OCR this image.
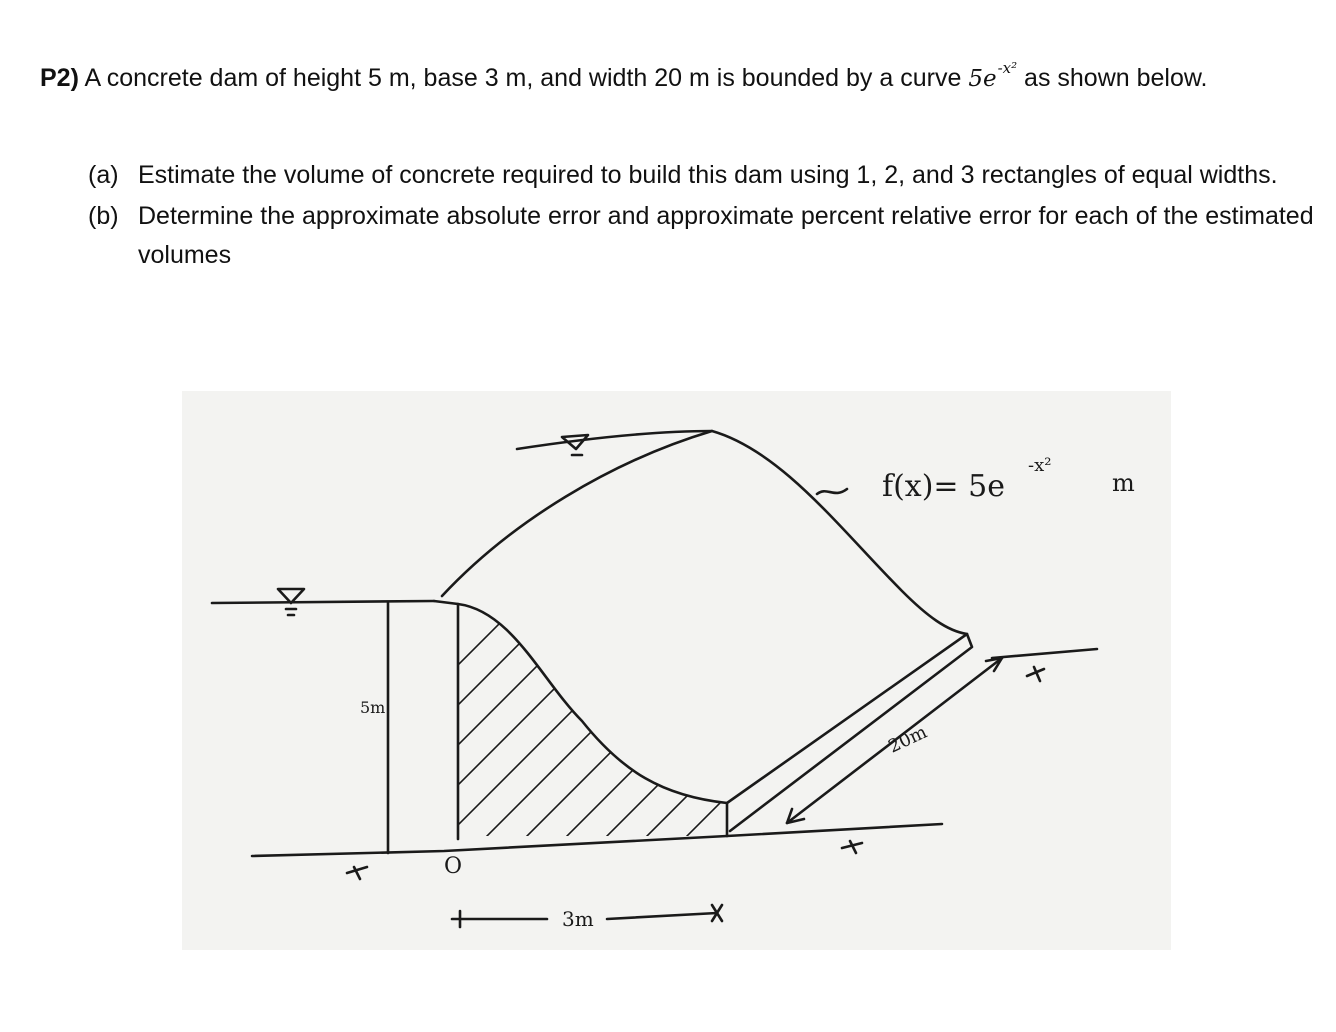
P2) A concrete dam of height 5 m, base 3 m, and width 20 m is bounded by a curve $5e^{-x^2}$ as shown below.
(a) Estimate the volume of concrete required to build this dam using 1, 2, and 3 rectangles of equal widths.
(b) Determine the approximate absolute error and approximate percent relative error for each of the estimated volumes
f(x)= 5e
-x²
m
5m
20m
O
3m
